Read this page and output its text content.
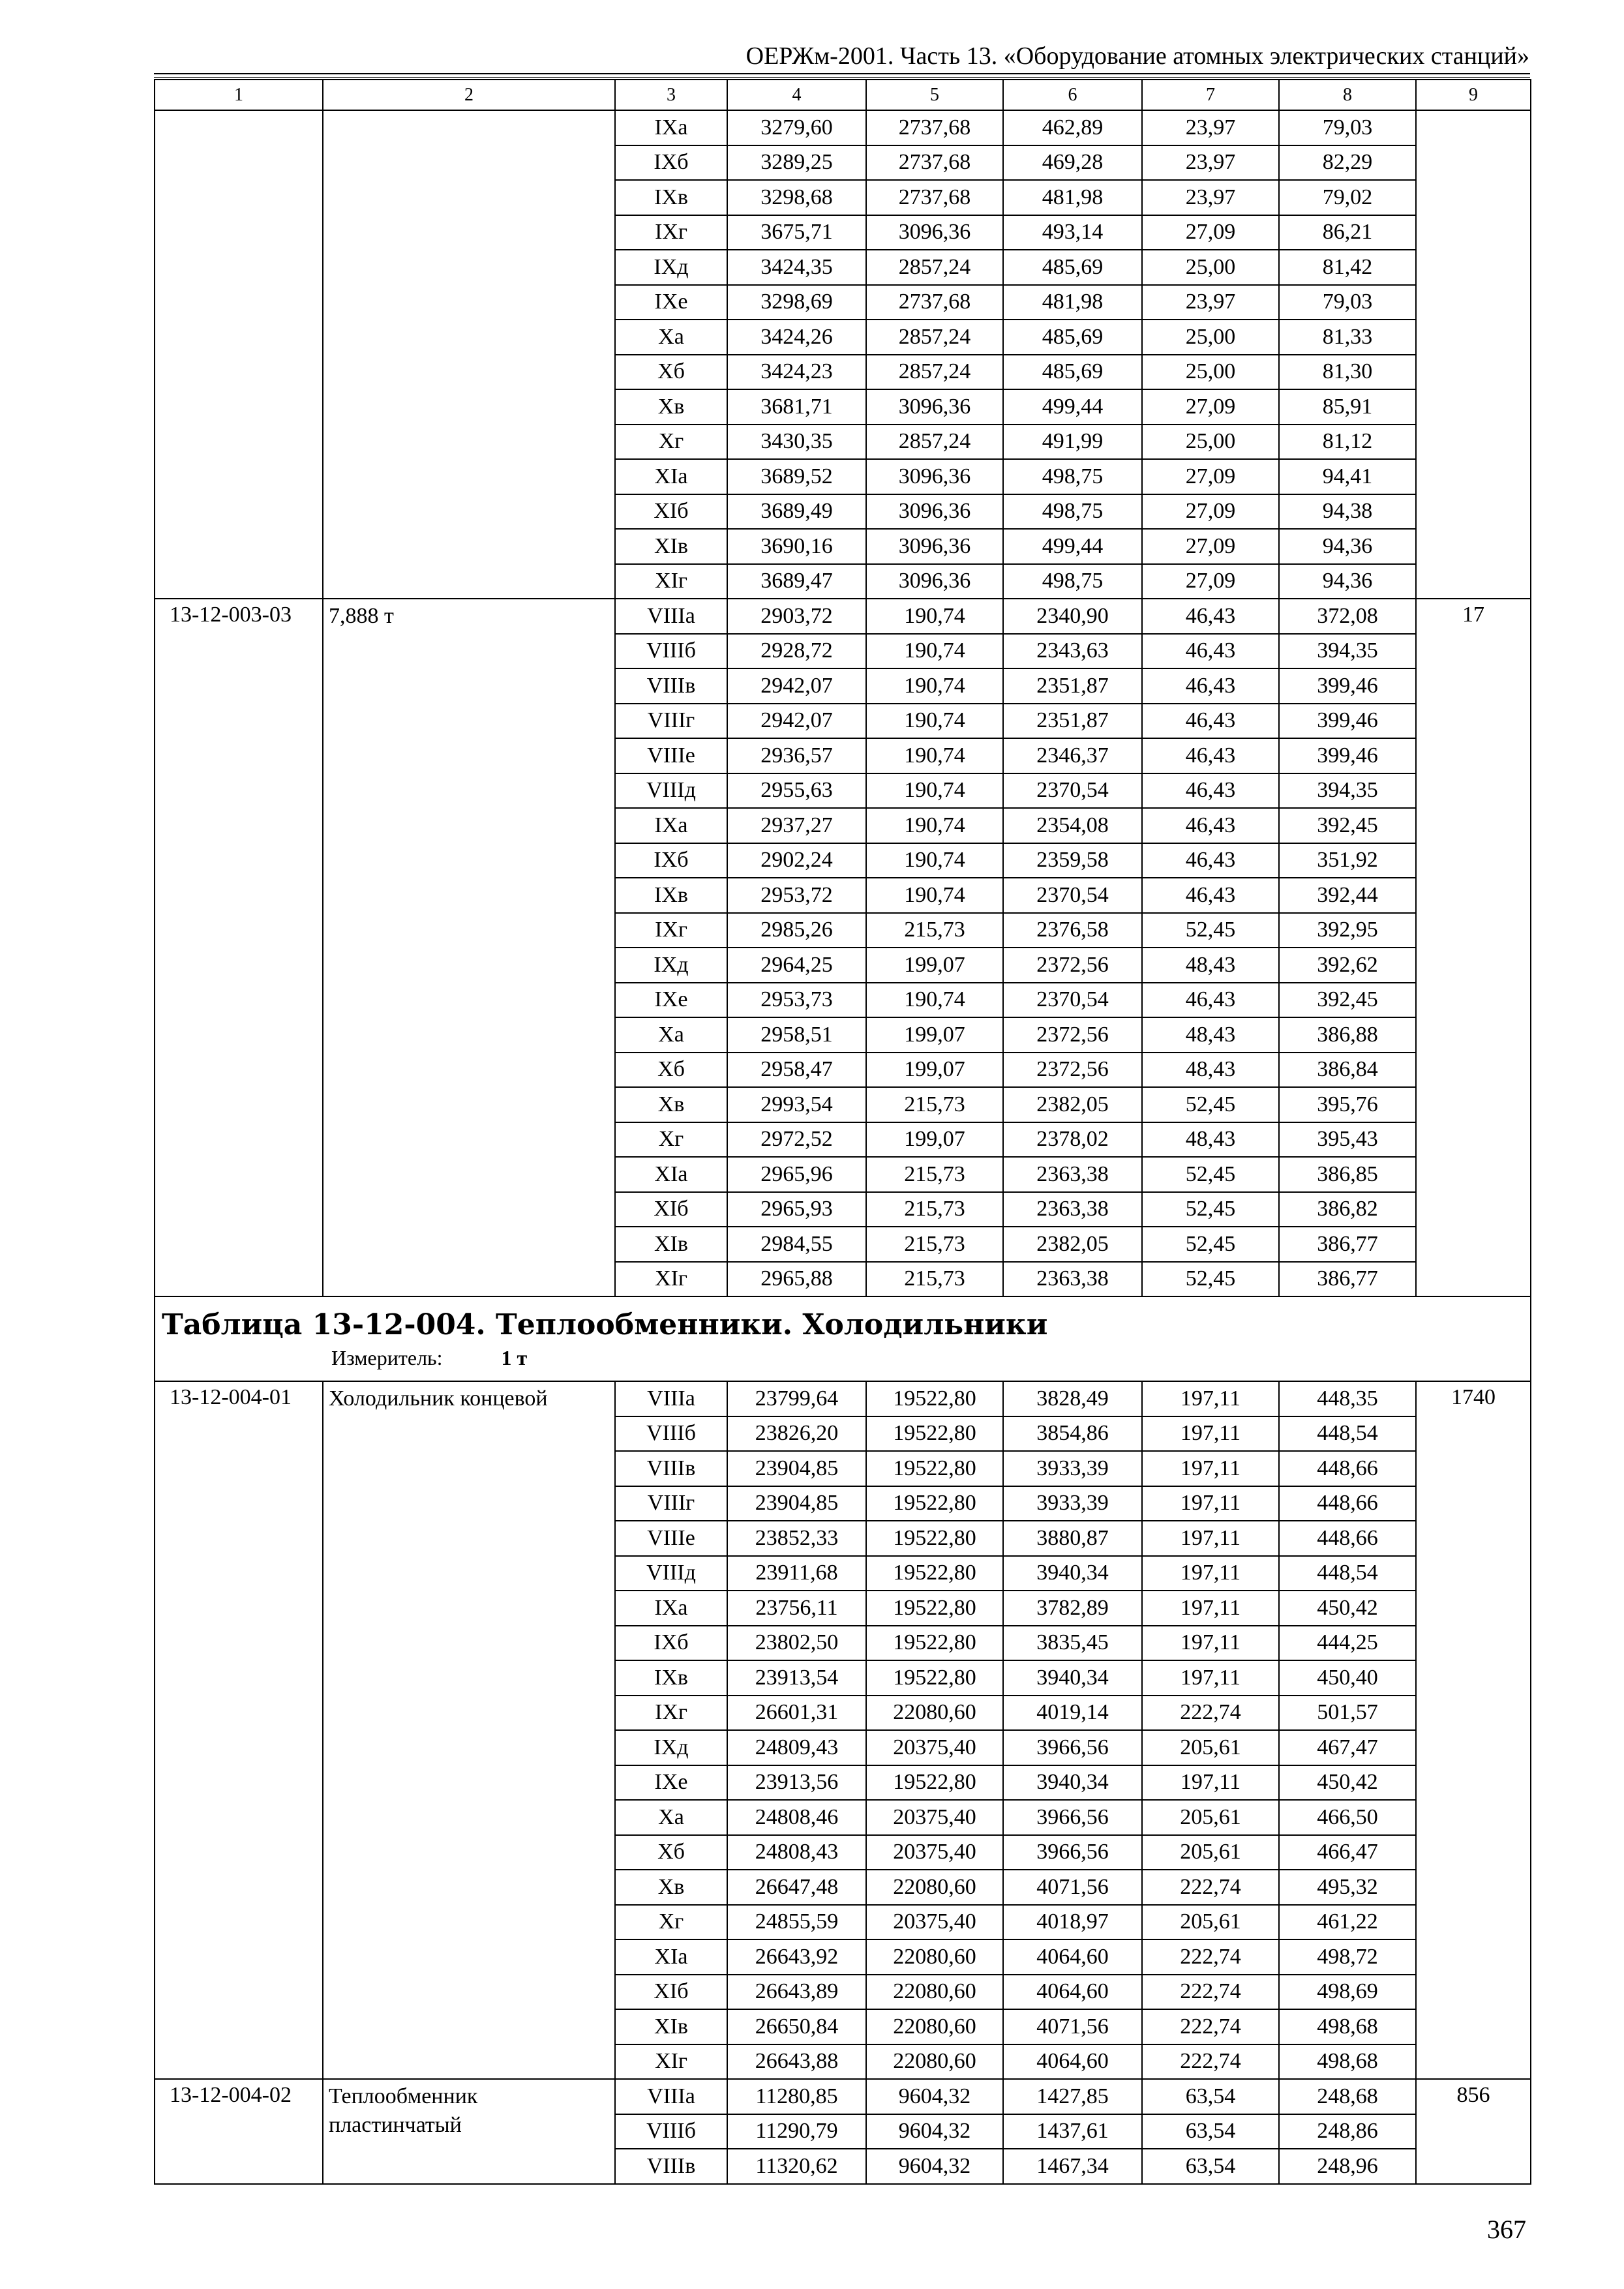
ОЕРЖм-2001. Часть 13. «Оборудование атомных электрических станций»
1	2	3	4	5	6	7	8	9
		IXа	3279,60	2737,68	462,89	23,97	79,03	
		IXб	3289,25	2737,68	469,28	23,97	82,29	
		IXв	3298,68	2737,68	481,98	23,97	79,02	
		IXг	3675,71	3096,36	493,14	27,09	86,21	
		IXд	3424,35	2857,24	485,69	25,00	81,42	
		IXе	3298,69	2737,68	481,98	23,97	79,03	
		Xа	3424,26	2857,24	485,69	25,00	81,33	
		Xб	3424,23	2857,24	485,69	25,00	81,30	
		Xв	3681,71	3096,36	499,44	27,09	85,91	
		Xг	3430,35	2857,24	491,99	25,00	81,12	
		XIа	3689,52	3096,36	498,75	27,09	94,41	
		XIб	3689,49	3096,36	498,75	27,09	94,38	
		XIв	3690,16	3096,36	499,44	27,09	94,36	
		XIг	3689,47	3096,36	498,75	27,09	94,36	
13-12-003-03	7,888 т	VIIIа	2903,72	190,74	2340,90	46,43	372,08	17
		VIIIб	2928,72	190,74	2343,63	46,43	394,35	
		VIIIв	2942,07	190,74	2351,87	46,43	399,46	
		VIIIг	2942,07	190,74	2351,87	46,43	399,46	
		VIIIе	2936,57	190,74	2346,37	46,43	399,46	
		VIIIд	2955,63	190,74	2370,54	46,43	394,35	
		IXа	2937,27	190,74	2354,08	46,43	392,45	
		IXб	2902,24	190,74	2359,58	46,43	351,92	
		IXв	2953,72	190,74	2370,54	46,43	392,44	
		IXг	2985,26	215,73	2376,58	52,45	392,95	
		IXд	2964,25	199,07	2372,56	48,43	392,62	
		IXе	2953,73	190,74	2370,54	46,43	392,45	
		Xа	2958,51	199,07	2372,56	48,43	386,88	
		Xб	2958,47	199,07	2372,56	48,43	386,84	
		Xв	2993,54	215,73	2382,05	52,45	395,76	
		Xг	2972,52	199,07	2378,02	48,43	395,43	
		XIа	2965,96	215,73	2363,38	52,45	386,85	
		XIб	2965,93	215,73	2363,38	52,45	386,82	
		XIв	2984,55	215,73	2382,05	52,45	386,77	
		XIг	2965,88	215,73	2363,38	52,45	386,77	

Таблица 13-12-004. Теплообменники. Холодильники
Измеритель: 1 т								

13-12-004-01	Холодильник концевой	VIIIа	23799,64	19522,80	3828,49	197,11	448,35	1740
		VIIIб	23826,20	19522,80	3854,86	197,11	448,54	
		VIIIв	23904,85	19522,80	3933,39	197,11	448,66	
		VIIIг	23904,85	19522,80	3933,39	197,11	448,66	
		VIIIе	23852,33	19522,80	3880,87	197,11	448,66	
		VIIIд	23911,68	19522,80	3940,34	197,11	448,54	
		IXа	23756,11	19522,80	3782,89	197,11	450,42	
		IXб	23802,50	19522,80	3835,45	197,11	444,25	
		IXв	23913,54	19522,80	3940,34	197,11	450,40	
		IXг	26601,31	22080,60	4019,14	222,74	501,57	
		IXд	24809,43	20375,40	3966,56	205,61	467,47	
		IXе	23913,56	19522,80	3940,34	197,11	450,42	
		Xа	24808,46	20375,40	3966,56	205,61	466,50	
		Xб	24808,43	20375,40	3966,56	205,61	466,47	
		Xв	26647,48	22080,60	4071,56	222,74	495,32	
		Xг	24855,59	20375,40	4018,97	205,61	461,22	
		XIа	26643,92	22080,60	4064,60	222,74	498,72	
		XIб	26643,89	22080,60	4064,60	222,74	498,69	
		XIв	26650,84	22080,60	4071,56	222,74	498,68	
		XIг	26643,88	22080,60	4064,60	222,74	498,68	
13-12-004-02	Теплообменник пластинчатый	VIIIа	11280,85	9604,32	1427,85	63,54	248,68	856
		VIIIб	11290,79	9604,32	1437,61	63,54	248,86	
		VIIIв	11320,62	9604,32	1467,34	63,54	248,96	
367
